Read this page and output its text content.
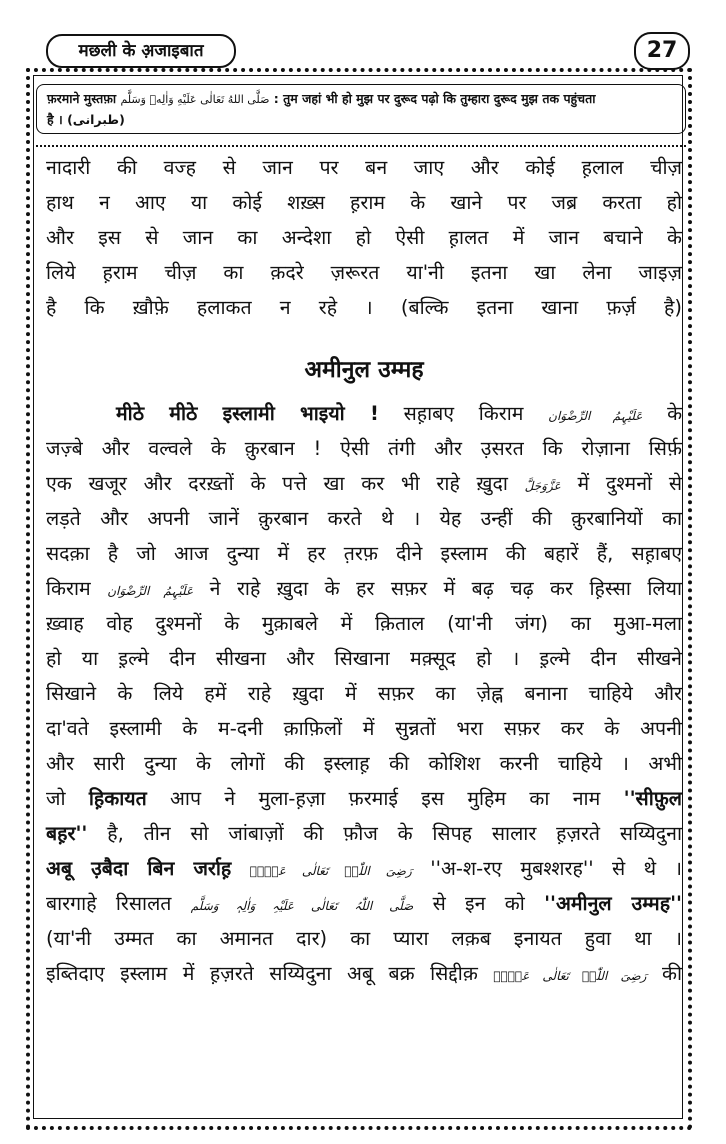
मछली के अ़जाइबात	27
फ़रमाने मुस्तफ़ा صَلَّى اللهُ تَعَالٰى عَلَيْهِ وَاٰلِهٖ وَسَلَّم : तुम जहां भी हो मुझ पर दुरूद पढ़ो कि तुम्हारा दुरूद मुझ तक पहुंचता
है । (طبرانی)
नादारी की वज्ह से जान पर बन जाए और कोई ह़लाल चीज़
हाथ न आए या कोई शख़्स ह़राम के खाने पर जब्र करता हो
और इस से जान का अन्देशा हो ऐसी ह़ालत में जान बचाने के
लिये ह़राम चीज़ का क़दरे ज़रूरत या'नी इतना खा लेना जाइज़
है कि ख़ौफ़े हलाकत न रहे । (बल्कि इतना खाना फ़र्ज़ है)
अमीनुल उम्मह
मीठे मीठे इस्लामी भाइयो ! सह़ाबए किराम عَلَیْہِمُ الرِّضْوَان के
जज़्बे और वल्वले के क़ुरबान ! ऐसी तंगी और उ़सरत कि रोज़ाना सिर्फ़
एक खजूर और दरख़्तों के पत्ते खा कर भी राहे ख़ुदा عَزَّوَجَلَّ में दुश्मनों से
लड़ते और अपनी जानें क़ुरबान करते थे । येह उन्हीं की क़ुरबानियों का
सदक़ा है जो आज दुन्या में हर त़रफ़ दीने इस्लाम की बहारें हैं, सह़ाबए
किराम عَلَیْہِمُ الرِّضْوَان ने राहे ख़ुदा के हर सफ़र में बढ़ चढ़ कर ह़िस्सा लिया
ख़्वाह वोह दुश्मनों के मुक़ाबले में क़िताल (या'नी जंग) का मुआ-मला
हो या इ़ल्मे दीन सीखना और सिखाना मक़्सूद हो । इ़ल्मे दीन सीखने
सिखाने के लिये हमें राहे ख़ुदा में सफ़र का ज़ेह्न बनाना चाहिये और
दा'वते इस्लामी के म-दनी क़ाफ़िलों में सुन्नतों भरा सफ़र कर के अपनी
और सारी दुन्या के लोगों की इस्लाह़ की कोशिश करनी चाहिये । अभी
जो ह़िकायत आप ने मुला-ह़ज़ा फ़रमाई इस मुहिम का नाम ''सीफ़ुल
बह़र'' है, तीन सो जांबाज़ों की फ़ौज के सिपह सालार ह़ज़रते सय्यिदुना
अबू उ़बैदा बिन जर्राह़ رَضِیَ اللّٰہُ تَعَالٰی عَنۡہُ ''अ-श-रए मुबश्शरह'' से थे ।
बारगाहे रिसालत صَلَّی اللّٰہُ تَعَالٰی عَلَیْہِ وَاٰلِہٖ وَسَلَّم से इन को ''अमीनुल उम्मह''
(या'नी उम्मत का अमानत दार) का प्यारा लक़ब इनायत हुवा था ।
इब्तिदाए इस्लाम में ह़ज़रते सय्यिदुना अबू बक्र सिद्दीक़ رَضِیَ اللّٰہُ تَعَالٰی عَنۡہُ की
